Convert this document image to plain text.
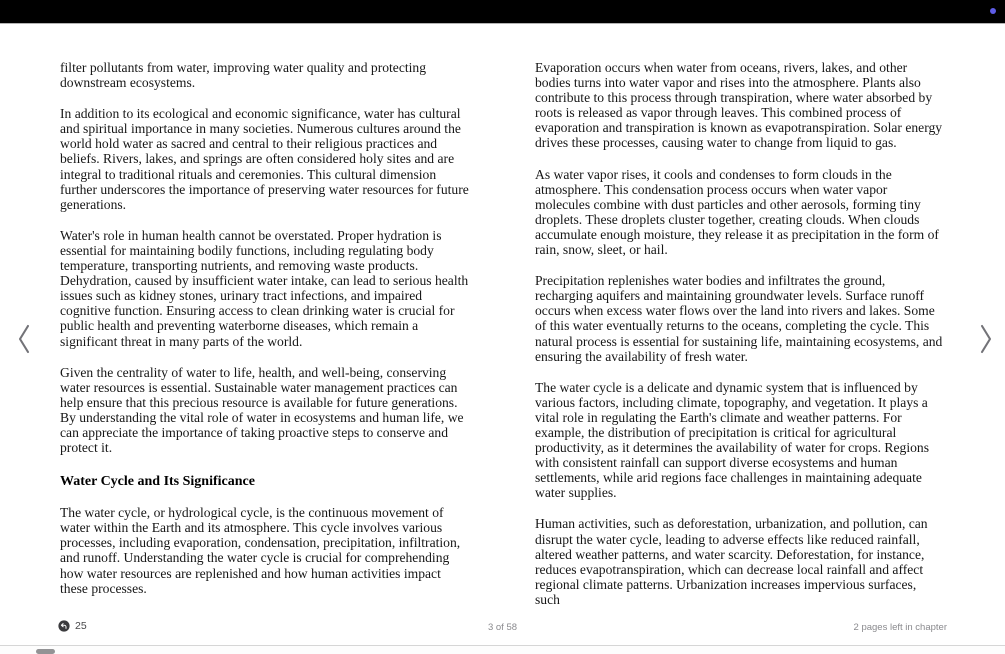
filter pollutants from water, improving water quality and protecting downstream ecosystems.

In addition to its ecological and economic significance, water has cultural and spiritual importance in many societies. Numerous cultures around the world hold water as sacred and central to their religious practices and beliefs. Rivers, lakes, and springs are often considered holy sites and are integral to traditional rituals and ceremonies. This cultural dimension further underscores the importance of preserving water resources for future generations.

Water's role in human health cannot be overstated. Proper hydration is essential for maintaining bodily functions, including regulating body temperature, transporting nutrients, and removing waste products. Dehydration, caused by insufficient water intake, can lead to serious health issues such as kidney stones, urinary tract infections, and impaired cognitive function. Ensuring access to clean drinking water is crucial for public health and preventing waterborne diseases, which remain a significant threat in many parts of the world.

Given the centrality of water to life, health, and well-being, conserving water resources is essential. Sustainable water management practices can help ensure that this precious resource is available for future generations. By understanding the vital role of water in ecosystems and human life, we can appreciate the importance of taking proactive steps to conserve and protect it.

Water Cycle and Its Significance

The water cycle, or hydrological cycle, is the continuous movement of water within the Earth and its atmosphere. This cycle involves various processes, including evaporation, condensation, precipitation, infiltration, and runoff. Understanding the water cycle is crucial for comprehending how water resources are replenished and how human activities impact these processes.

Evaporation occurs when water from oceans, rivers, lakes, and other bodies turns into water vapor and rises into the atmosphere. Plants also contribute to this process through transpiration, where water absorbed by roots is released as vapor through leaves. This combined process of evaporation and transpiration is known as evapotranspiration. Solar energy drives these processes, causing water to change from liquid to gas.

As water vapor rises, it cools and condenses to form clouds in the atmosphere. This condensation process occurs when water vapor molecules combine with dust particles and other aerosols, forming tiny droplets. These droplets cluster together, creating clouds. When clouds accumulate enough moisture, they release it as precipitation in the form of rain, snow, sleet, or hail.

Precipitation replenishes water bodies and infiltrates the ground, recharging aquifers and maintaining groundwater levels. Surface runoff occurs when excess water flows over the land into rivers and lakes. Some of this water eventually returns to the oceans, completing the cycle. This natural process is essential for sustaining life, maintaining ecosystems, and ensuring the availability of fresh water.

The water cycle is a delicate and dynamic system that is influenced by various factors, including climate, topography, and vegetation. It plays a vital role in regulating the Earth's climate and weather patterns. For example, the distribution of precipitation is critical for agricultural productivity, as it determines the availability of water for crops. Regions with consistent rainfall can support diverse ecosystems and human settlements, while arid regions face challenges in maintaining adequate water supplies.

Human activities, such as deforestation, urbanization, and pollution, can disrupt the water cycle, leading to adverse effects like reduced rainfall, altered weather patterns, and water scarcity. Deforestation, for instance, reduces evapotranspiration, which can decrease local rainfall and affect regional climate patterns. Urbanization increases impervious surfaces, such

25	3 of 58	2 pages left in chapter
